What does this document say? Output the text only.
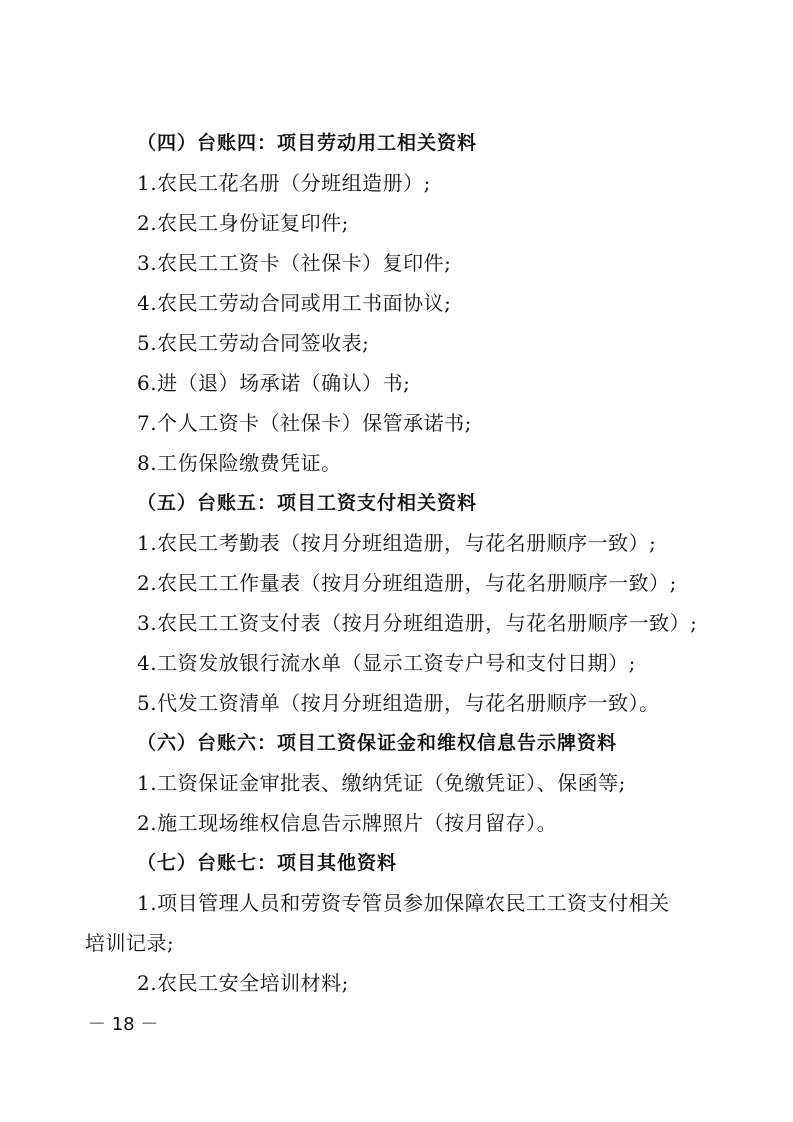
（四）台账四：项目劳动用工相关资料
1.农民工花名册（分班组造册）;
2.农民工身份证复印件;
3.农民工工资卡（社保卡）复印件;
4.农民工劳动合同或用工书面协议;
5.农民工劳动合同签收表;
6.进（退）场承诺（确认）书;
7.个人工资卡（社保卡）保管承诺书;
8.工伤保险缴费凭证。
（五）台账五：项目工资支付相关资料
1.农民工考勤表（按月分班组造册，与花名册顺序一致）;
2.农民工工作量表（按月分班组造册，与花名册顺序一致）;
3.农民工工资支付表（按月分班组造册，与花名册顺序一致）;
4.工资发放银行流水单（显示工资专户号和支付日期）;
5.代发工资清单（按月分班组造册，与花名册顺序一致）。
（六）台账六：项目工资保证金和维权信息告示牌资料
1.工资保证金审批表、缴纳凭证（免缴凭证）、保函等;
2.施工现场维权信息告示牌照片（按月留存）。
（七）台账七：项目其他资料
1.项目管理人员和劳资专管员参加保障农民工工资支付相关
培训记录;
2.农民工安全培训材料;
－ 18 －
